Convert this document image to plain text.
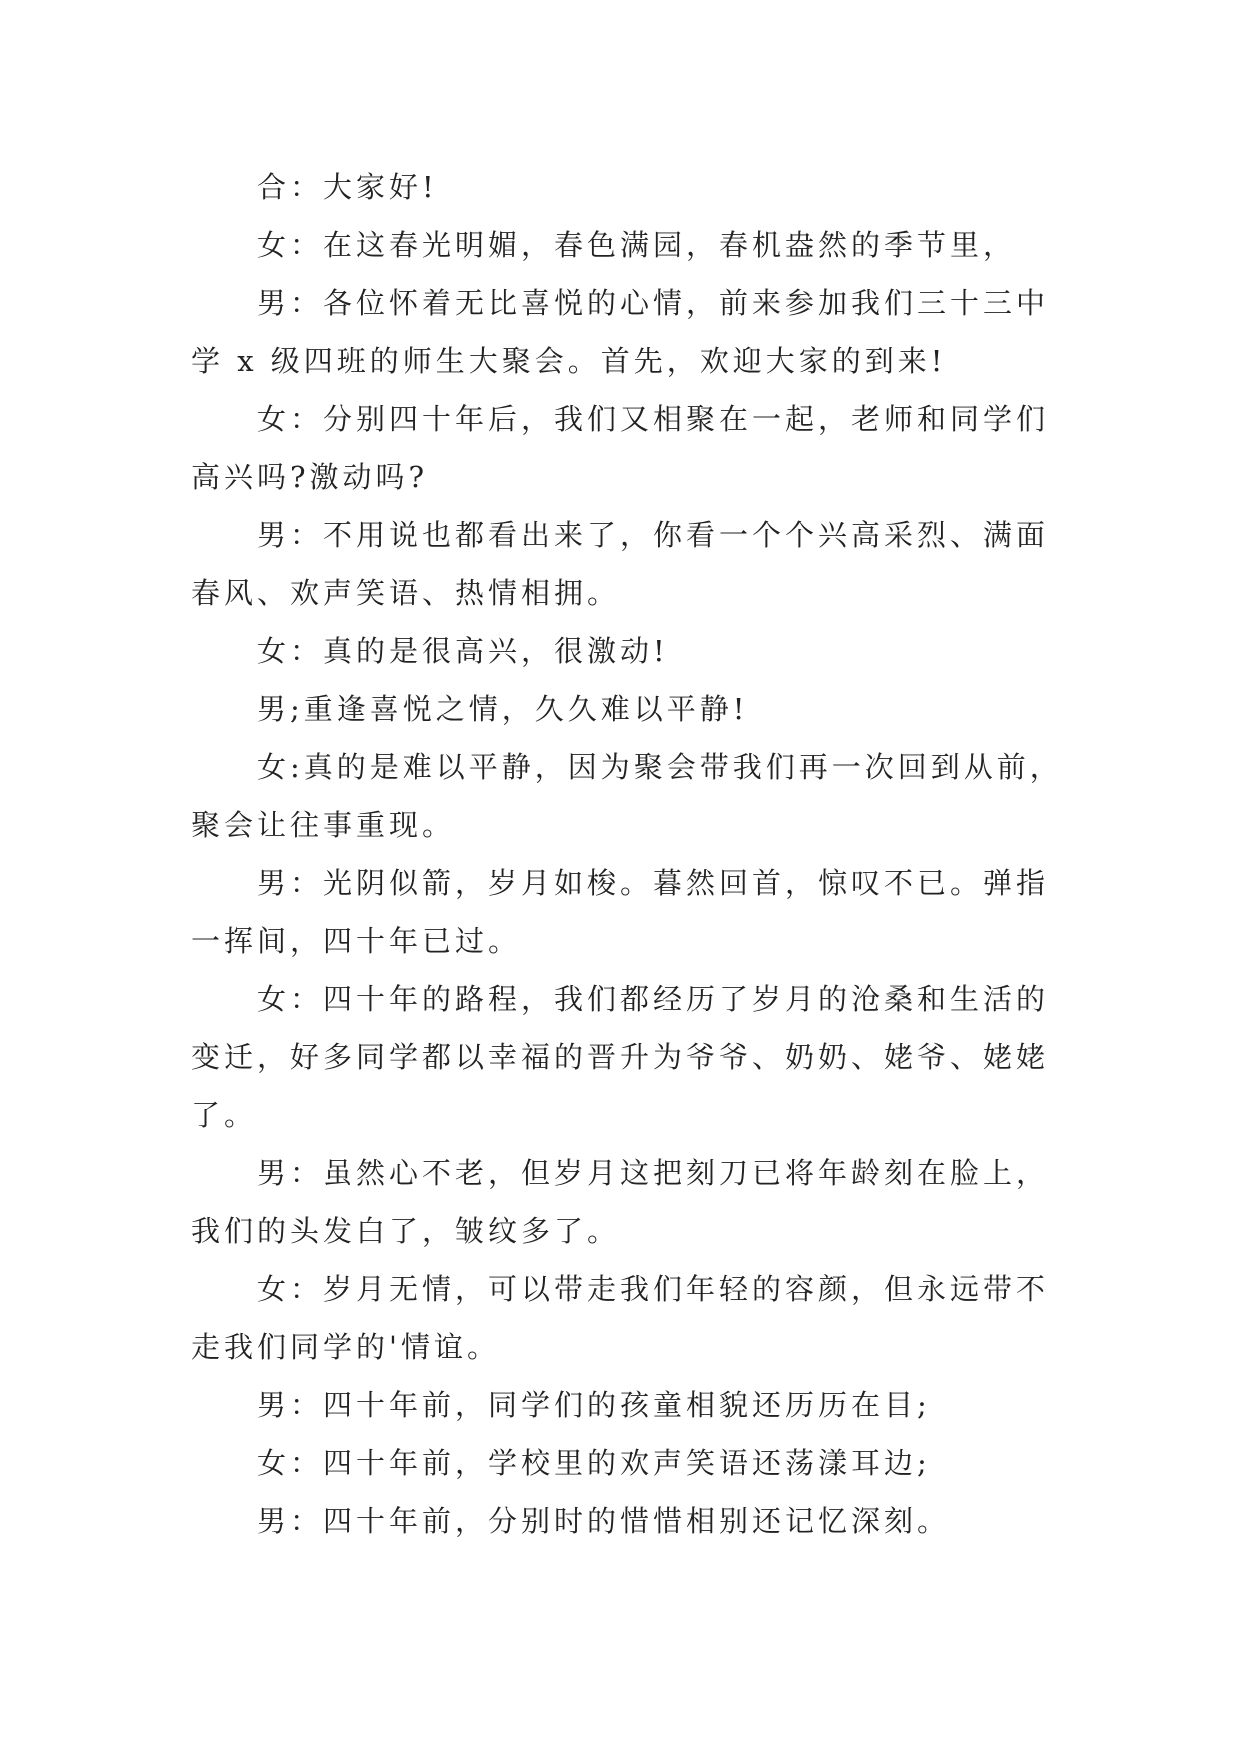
合：大家好!

女：在这春光明媚，春色满园，春机盎然的季节里，

男：各位怀着无比喜悦的心情，前来参加我们三十三中学 x 级四班的师生大聚会。首先，欢迎大家的到来!

女：分别四十年后，我们又相聚在一起，老师和同学们高兴吗?激动吗?

男：不用说也都看出来了，你看一个个兴高采烈、满面春风、欢声笑语、热情相拥。

女：真的是很高兴，很激动!

男;重逢喜悦之情，久久难以平静!

女:真的是难以平静，因为聚会带我们再一次回到从前，聚会让往事重现。

男：光阴似箭，岁月如梭。暮然回首，惊叹不已。弹指一挥间，四十年已过。

女：四十年的路程，我们都经历了岁月的沧桑和生活的变迁，好多同学都以幸福的晋升为爷爷、奶奶、姥爷、姥姥了。

男：虽然心不老，但岁月这把刻刀已将年龄刻在脸上，我们的头发白了，皱纹多了。

女：岁月无情，可以带走我们年轻的容颜，但永远带不走我们同学的'情谊。

男：四十年前，同学们的孩童相貌还历历在目;

女：四十年前，学校里的欢声笑语还荡漾耳边;

男：四十年前，分别时的惜惜相别还记忆深刻。
